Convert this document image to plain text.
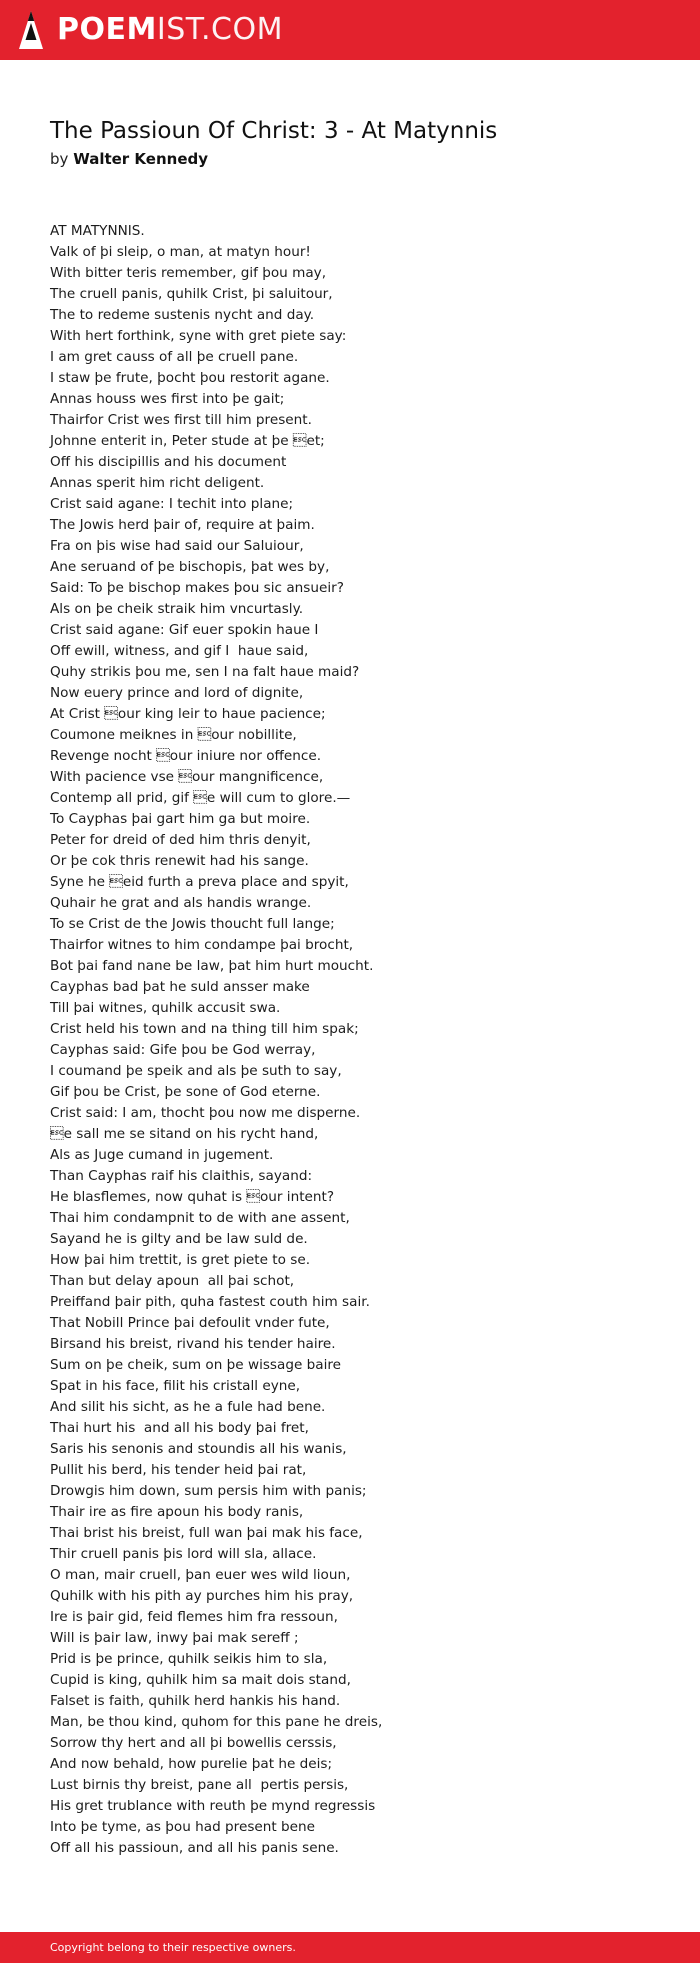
POEM IST.COM
The Passioun Of Christ: 3 - At Matynnis
by Walter Kennedy
AT MATYNNIS.
Valk of þi sleip, o man, at matyn hour!
With bitter teris remember, gif þou may,
The cruell panis, quhilk Crist, þi saluitour,
The to redeme sustenis nycht and day.
With hert forthink, syne with gret piete say:
I am gret causs of all þe cruell pane.
I staw þe frute, þocht þou restorit agane.
Annas houss wes first into þe gait;
Thairfor Crist wes first till him present.
Johnne enterit in, Peter stude at þe et;
Off his discipillis and his document
Annas sperit him richt deligent.
Crist said agane: I techit into plane;
The Jowis herd þair of, require at þaim.
Fra on þis wise had said our Saluiour,
Ane seruand of þe bischopis, þat wes by,
Said: To þe bischop makes þou sic ansueir?
Als on þe cheik straik him vncurtasly.
Crist said agane: Gif euer spokin haue I
Off ewill, witness, and gif I  haue said,
Quhy strikis þou me, sen I na falt haue maid?
Now euery prince and lord of dignite,
At Crist our king leir to haue pacience;
Coumone meiknes in our nobillite,
Revenge nocht our iniure nor offence.
With pacience vse our mangnificence,
Contemp all prid, gif e will cum to glore.—
To Cayphas þai gart him ga but moire.
Peter for dreid of ded him thris denyit,
Or þe cok thris renewit had his sange.
Syne he eid furth a preva place and spyit,
Quhair he grat and als handis wrange.
To se Crist de the Jowis thoucht full lange;
Thairfor witnes to him condampe þai brocht,
Bot þai fand nane be law, þat him hurt moucht.
Cayphas bad þat he suld ansser make
Till þai witnes, quhilk accusit swa.
Crist held his town and na thing till him spak;
Cayphas said: Gife þou be God werray,
I coumand þe speik and als þe suth to say,
Gif þou be Crist, þe sone of God eterne.
Crist said: I am, thocht þou now me disperne.
e sall me se sitand on his rycht hand,
Als as Juge cumand in jugement.
Than Cayphas raif his claithis, sayand:
He blasflemes, now quhat is our intent?
Thai him condampnit to de with ane assent,
Sayand he is gilty and be law suld de.
How þai him trettit, is gret piete to se.
Than but delay apoun  all þai schot,
Preiffand þair pith, quha fastest couth him sair.
That Nobill Prince þai defoulit vnder fute,
Birsand his breist, rivand his tender haire.
Sum on þe cheik, sum on þe wissage baire
Spat in his face, filit his cristall eyne,
And silit his sicht, as he a fule had bene.
Thai hurt his  and all his body þai fret,
Saris his senonis and stoundis all his wanis,
Pullit his berd, his tender heid þai rat,
Drowgis him down, sum persis him with panis;
Thair ire as fire apoun his body ranis,
Thai brist his breist, full wan þai mak his face,
Thir cruell panis þis lord will sla, allace.
O man, mair cruell, þan euer wes wild lioun,
Quhilk with his pith ay purches him his pray,
Ire is þair gid, feid flemes him fra ressoun,
Will is þair law, inwy þai mak sereff ;
Prid is þe prince, quhilk seikis him to sla,
Cupid is king, quhilk him sa mait dois stand,
Falset is faith, quhilk herd hankis his hand.
Man, be thou kind, quhom for this pane he dreis,
Sorrow thy hert and all þi bowellis cerssis,
And now behald, how purelie þat he deis;
Lust birnis thy breist, pane all  pertis persis,
His gret trublance with reuth þe mynd regressis
Into þe tyme, as þou had present bene
Off all his passioun, and all his panis sene.
Copyright belong to their respective owners.
